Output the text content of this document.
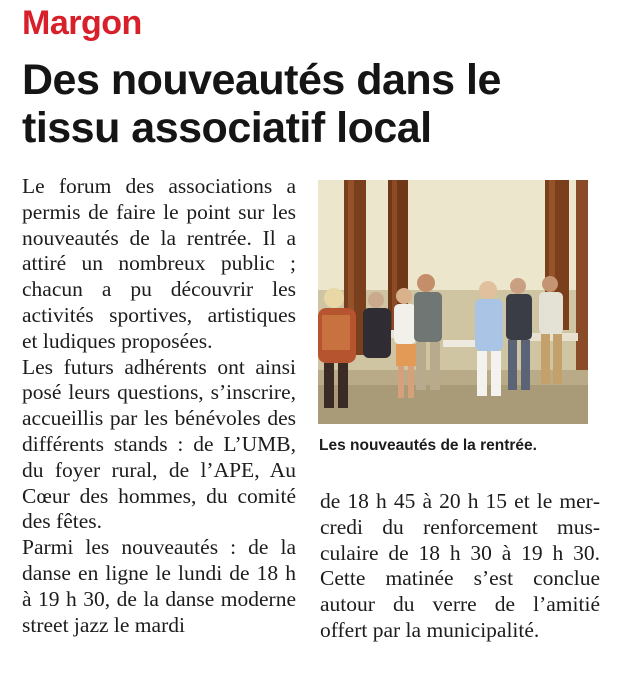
Margon
Des nouveautés dans le tissu associatif local

Le forum des associations a permis de faire le point sur les nouveautés de la rentrée. Il a attiré un nombreux public ; chacun a pu découvrir les activités sportives, artistiques et ludiques proposées.

Les futurs adhérents ont ainsi posé leurs questions, s’inscrire, accueillis par les bénévoles des différents stands : de L’UMB, du foyer rural, de l’APE, Au Cœur des hommes, du comité des fêtes.

Parmi les nouveautés : de la danse en ligne le lundi de 18 h à 19 h 30, de la danse moderne street jazz le mardi

Les nouveautés de la rentrée.

de 18 h 45 à 20 h 15 et le mercredi du renforcement musculaire de 18 h 30 à 19 h 30. Cette matinée s’est conclue autour du verre de l’amitié offert par la municipalité.
